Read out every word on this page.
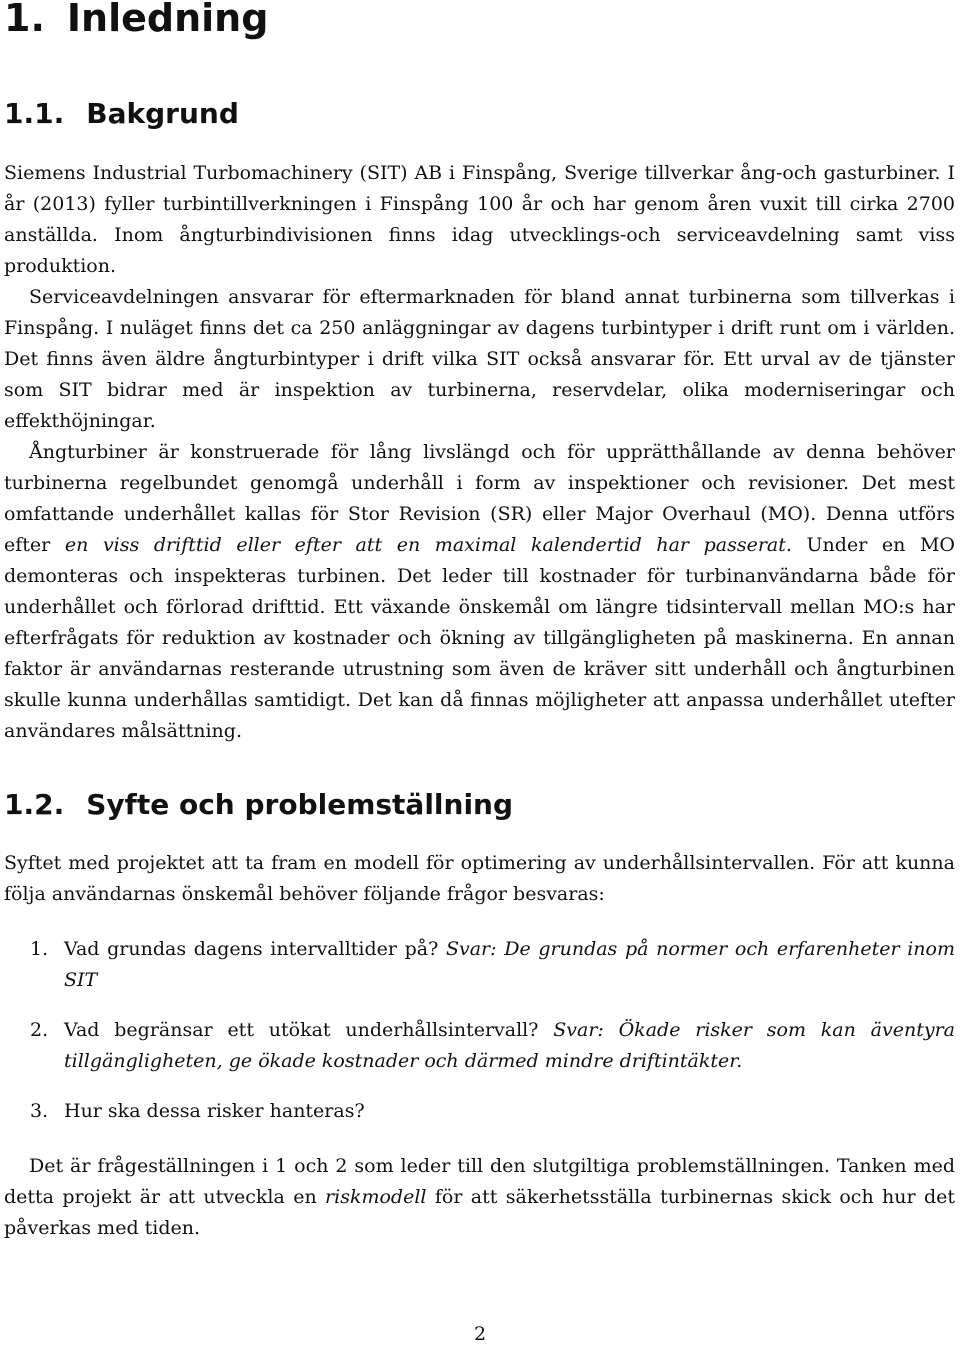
1. Inledning
1.1. Bakgrund

Siemens Industrial Turbomachinery (SIT) AB i Finspång, Sverige tillverkar ång-och gasturbiner. I år (2013) fyller turbintillverkningen i Finspång 100 år och har genom åren vuxit till cirka 2700 anställda. Inom ångturbindivisionen finns idag utvecklings-och serviceavdelning samt viss produktion.

Serviceavdelningen ansvarar för eftermarknaden för bland annat turbinerna som tillverkas i Finspång. I nuläget finns det ca 250 anläggningar av dagens turbintyper i drift runt om i världen. Det finns även äldre ångturbintyper i drift vilka SIT också ansvarar för. Ett urval av de tjänster som SIT bidrar med är inspektion av turbinerna, reservdelar, olika moderniseringar och effekthöjningar.

Ångturbiner är konstruerade för lång livslängd och för upprätthållande av denna behöver turbinerna regelbundet genomgå underhåll i form av inspektioner och revisioner. Det mest omfattande underhållet kallas för Stor Revision (SR) eller Major Overhaul (MO). Denna utförs efter en viss drifttid eller efter att en maximal kalendertid har passerat. Under en MO demonteras och inspekteras turbinen. Det leder till kostnader för turbinanvändarna både för underhållet och förlorad drifttid. Ett växande önskemål om längre tidsintervall mellan MO:s har efterfrågats för reduktion av kostnader och ökning av tillgängligheten på maskinerna. En annan faktor är användarnas resterande utrustning som även de kräver sitt underhåll och ångturbinen skulle kunna underhållas samtidigt. Det kan då finnas möjligheter att anpassa underhållet utefter användares målsättning.

1.2. Syfte och problemställning

Syftet med projektet att ta fram en modell för optimering av underhållsintervallen. För att kunna följa användarnas önskemål behöver följande frågor besvaras:

1. Vad grundas dagens intervalltider på? Svar: De grundas på normer och erfarenheter inom SIT
2. Vad begränsar ett utökat underhållsintervall? Svar: Ökade risker som kan äventyra tillgängligheten, ge ökade kostnader och därmed mindre driftintäkter.
3. Hur ska dessa risker hanteras?

Det är frågeställningen i 1 och 2 som leder till den slutgiltiga problemställningen. Tanken med detta projekt är att utveckla en riskmodell för att säkerhetsställa turbinernas skick och hur det påverkas med tiden.

2
